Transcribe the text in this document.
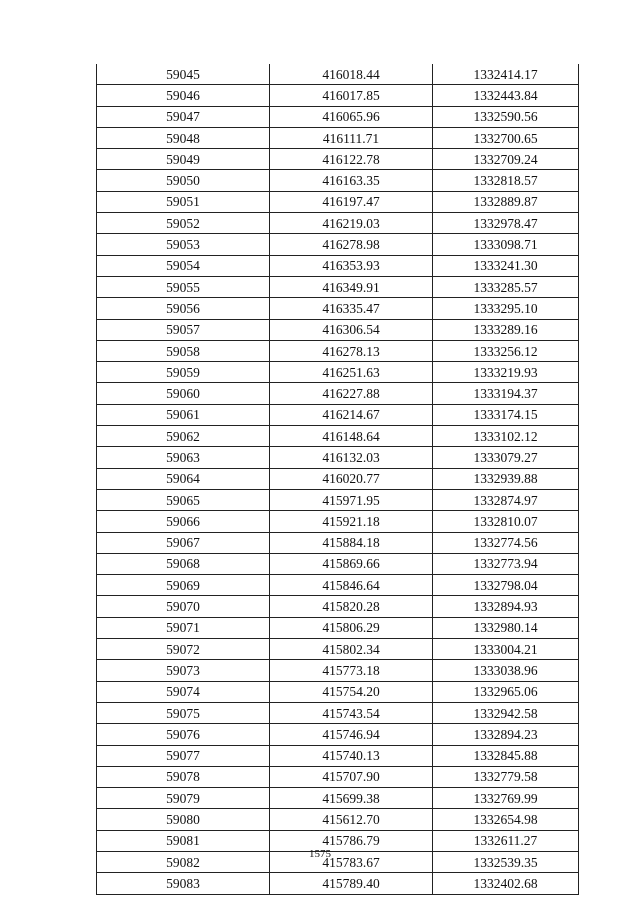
59045	416018.44	1332414.17
59046	416017.85	1332443.84
59047	416065.96	1332590.56
59048	416111.71	1332700.65
59049	416122.78	1332709.24
59050	416163.35	1332818.57
59051	416197.47	1332889.87
59052	416219.03	1332978.47
59053	416278.98	1333098.71
59054	416353.93	1333241.30
59055	416349.91	1333285.57
59056	416335.47	1333295.10
59057	416306.54	1333289.16
59058	416278.13	1333256.12
59059	416251.63	1333219.93
59060	416227.88	1333194.37
59061	416214.67	1333174.15
59062	416148.64	1333102.12
59063	416132.03	1333079.27
59064	416020.77	1332939.88
59065	415971.95	1332874.97
59066	415921.18	1332810.07
59067	415884.18	1332774.56
59068	415869.66	1332773.94
59069	415846.64	1332798.04
59070	415820.28	1332894.93
59071	415806.29	1332980.14
59072	415802.34	1333004.21
59073	415773.18	1333038.96
59074	415754.20	1332965.06
59075	415743.54	1332942.58
59076	415746.94	1332894.23
59077	415740.13	1332845.88
59078	415707.90	1332779.58
59079	415699.38	1332769.99
59080	415612.70	1332654.98
59081	415786.79	1332611.27
59082	415783.67	1332539.35
59083	415789.40	1332402.68
1575
